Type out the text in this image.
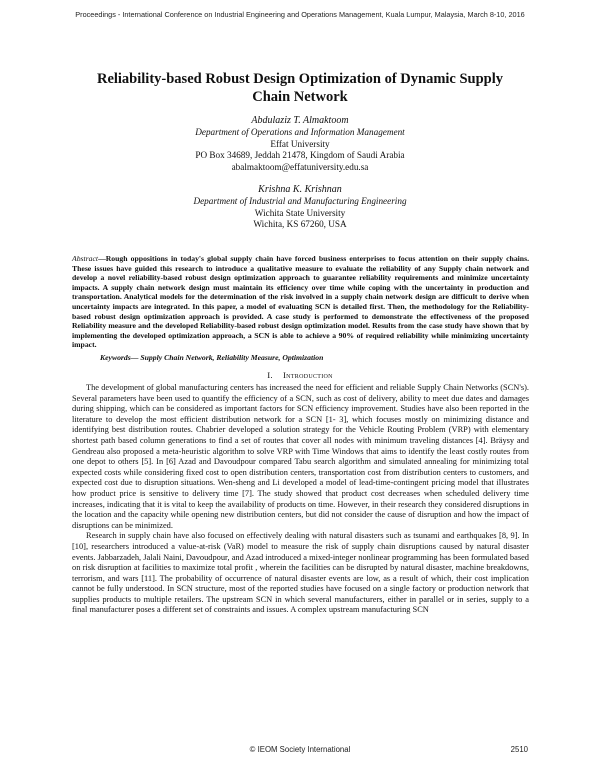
Proceedings - International Conference on Industrial Engineering and Operations Management, Kuala Lumpur, Malaysia, March 8-10, 2016
Reliability-based Robust Design Optimization of Dynamic Supply
Chain Network
Abdulaziz T. Almaktoom
Department of Operations and Information Management
Effat University
PO Box 34689, Jeddah 21478, Kingdom of Saudi Arabia
abalmaktoom@effatuniversity.edu.sa
Krishna K. Krishnan
Department of Industrial and Manufacturing Engineering
Wichita State University
Wichita, KS 67260, USA
Abstract—Rough oppositions in today's global supply chain have forced business enterprises to focus attention on their supply chains. These issues have guided this research to introduce a qualitative measure to evaluate the reliability of any Supply chain network and develop a novel reliability-based robust design optimization approach to guarantee reliability requirements and minimize uncertainty impacts. A supply chain network design must maintain its efficiency over time while coping with the uncertainty in production and transportation. Analytical models for the determination of the risk involved in a supply chain network design are difficult to derive when uncertainty impacts are integrated. In this paper, a model of evaluating SCN is detailed first. Then, the methodology for the Reliability-based robust design optimization approach is provided. A case study is performed to demonstrate the effectiveness of the proposed Reliability measure and the developed Reliability-based robust design optimization model. Results from the case study have shown that by implementing the developed optimization approach, a SCN is able to achieve a 90% of required reliability while minimizing uncertainty impact.
Keywords— Supply Chain Network, Reliability Measure, Optimization
I. Introduction

The development of global manufacturing centers has increased the need for efficient and reliable Supply Chain Networks (SCN's). Several parameters have been used to quantify the efficiency of a SCN, such as cost of delivery, ability to meet due dates and damages during shipping, which can be considered as important factors for SCN efficiency improvement. Studies have also been reported in the literature to develop the most efficient distribution network for a SCN [1- 3], which focuses mostly on minimizing distance and identifying best distribution routes. Chabrier developed a solution strategy for the Vehicle Routing Problem (VRP) with elementary shortest path based column generations to find a set of routes that cover all nodes with minimum traveling distances [4]. Bräysy and Gendreau also proposed a meta-heuristic algorithm to solve VRP with Time Windows that aims to identify the least costly routes from one depot to others [5]. In [6] Azad and Davoudpour compared Tabu search algorithm and simulated annealing for minimizing total expected costs while considering fixed cost to open distribution centers, transportation cost from distribution centers to customers, and expected cost due to disruption situations. Wen-sheng and Li developed a model of lead-time-contingent pricing model that illustrates how product price is sensitive to delivery time [7]. The study showed that product cost decreases when scheduled delivery time increases, indicating that it is vital to keep the availability of products on time. However, in their research they considered disruptions in the location and the capacity while opening new distribution centers, but did not consider the cause of disruption and how the impact of disruptions can be minimized.

Research in supply chain have also focused on effectively dealing with natural disasters such as tsunami and earthquakes [8, 9]. In [10], researchers introduced a value-at-risk (VaR) model to measure the risk of supply chain disruptions caused by natural disaster events. Jabbarzadeh, Jalali Naini, Davoudpour, and Azad introduced a mixed-integer nonlinear programming has been formulated based on risk disruption at facilities to maximize total profit , wherein the facilities can be disrupted by natural disaster, machine breakdowns, terrorism, and wars [11]. The probability of occurrence of natural disaster events are low, as a result of which, their cost implication cannot be fully understood. In SCN structure, most of the reported studies have focused on a single factory or production network that supplies products to multiple retailers. The upstream SCN in which several manufacturers, either in parallel or in series, supply to a final manufacturer poses a different set of constraints and issues. A complex upstream manufacturing SCN

© IEOM Society International	2510
